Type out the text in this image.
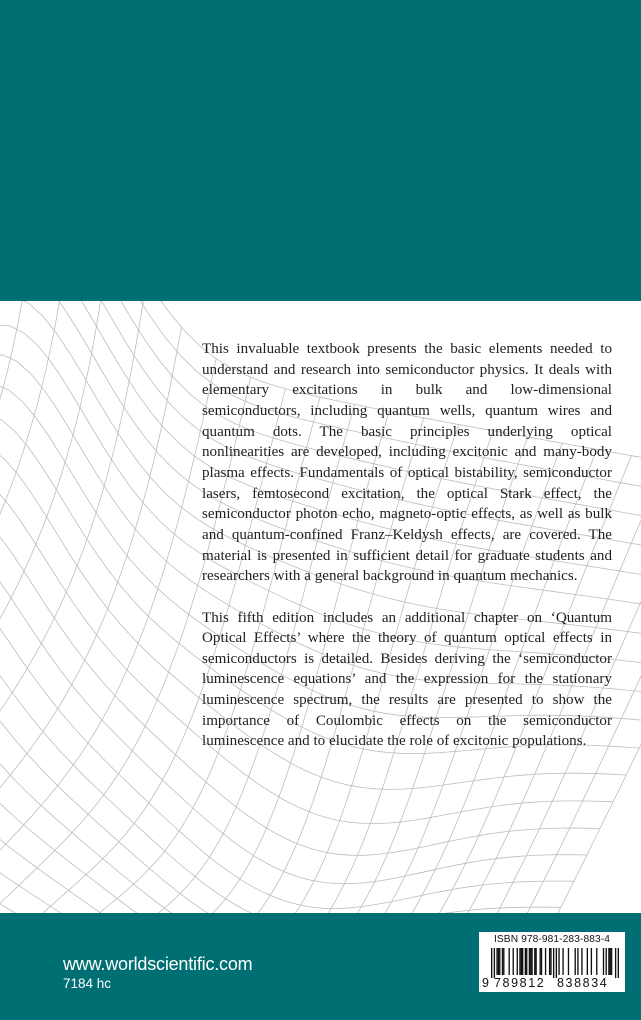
This invaluable textbook presents the basic elements needed to understand and research into semiconductor physics. It deals with elementary excitations in bulk and low-dimensional semiconductors, including quantum wells, quantum wires and quantum dots. The basic principles underlying optical nonlinearities are developed, including excitonic and many-body plasma effects. Fundamentals of optical bistability, semiconductor lasers, femtosecond excitation, the optical Stark effect, the semiconductor photon echo, magneto-optic effects, as well as bulk and quantum-confined Franz–Keldysh effects, are covered. The material is presented in sufficient detail for graduate students and researchers with a general background in quantum mechanics.

This fifth edition includes an additional chapter on ‘Quantum Optical Effects’ where the theory of quantum optical effects in semiconductors is detailed. Besides deriving the ‘semiconductor luminescence equations’ and the expression for the stationary luminescence spectrum, the results are presented to show the importance of Coulombic effects on the semiconductor luminescence and to elucidate the role of excitonic populations.

www.worldscientific.com
7184 hc
ISBN 978-981-283-883-4
9 789812 838834
